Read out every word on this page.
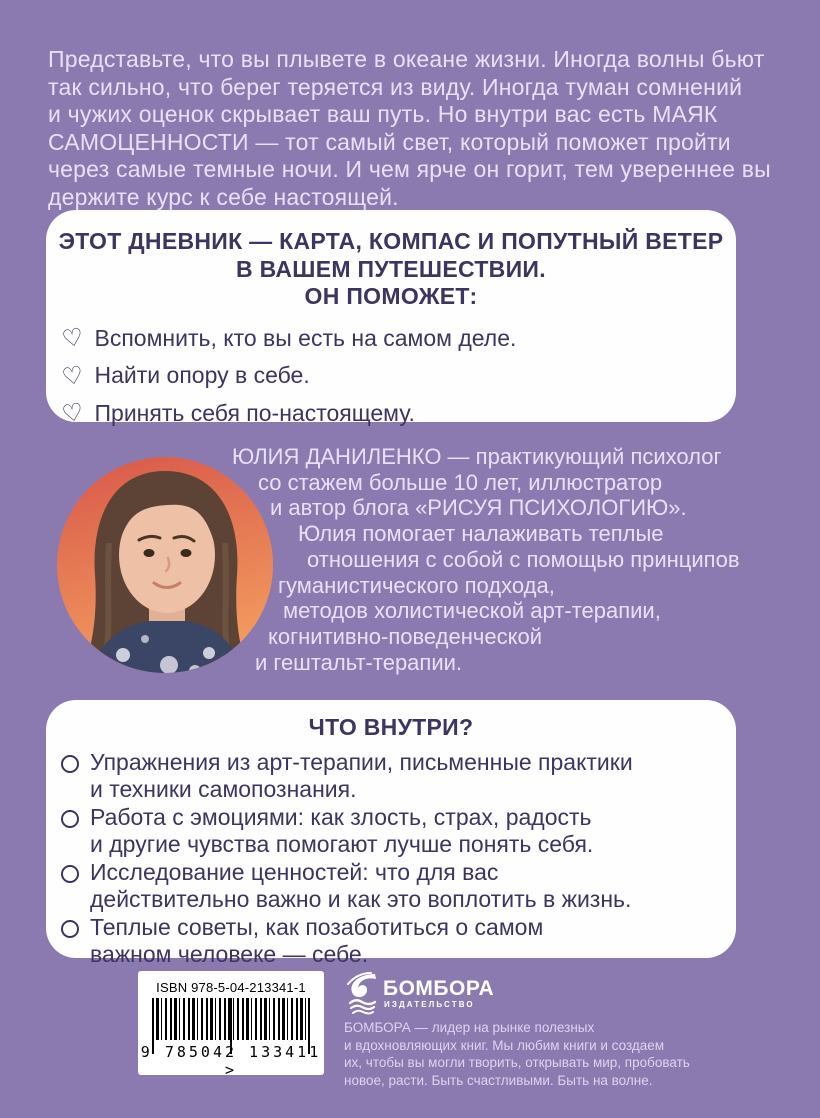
Представьте, что вы плывете в океане жизни. Иногда волны бьют
так сильно, что берег теряется из виду. Иногда туман сомнений
и чужих оценок скрывает ваш путь. Но внутри вас есть МАЯК
САМОЦЕННОСТИ — тот самый свет, который поможет пройти
через самые темные ночи. И чем ярче он горит, тем увереннее вы
держите курс к себе настоящей.
ЭТОТ ДНЕВНИК — КАРТА, КОМПАС И ПОПУТНЫЙ ВЕТЕР
В ВАШЕМ ПУТЕШЕСТВИИ.
ОН ПОМОЖЕТ:
♡ Вспомнить, кто вы есть на самом деле.
♡ Найти опору в себе.
♡ Принять себя по-настоящему.
ЮЛИЯ ДАНИЛЕНКО — практикующий психолог
со стажем больше 10 лет, иллюстратор
и автор блога «РИСУЯ ПСИХОЛОГИЮ».
Юлия помогает налаживать теплые
отношения с собой с помощью принципов
гуманистического подхода,
методов холистической арт-терапии,
когнитивно-поведенческой
и гештальт-терапии.
ЧТО ВНУТРИ?
Упражнения из арт-терапии, письменные практики
и техники самопознания.
Работа с эмоциями: как злость, страх, радость
и другие чувства помогают лучше понять себя.
Исследование ценностей: что для вас
действительно важно и как это воплотить в жизнь.
Теплые советы, как позаботиться о самом
важном человеке — себе.
ISBN 978-5-04-213341-1
9 785042 133411 >
БОМБОРА
ИЗДАТЕЛЬСТВО
БОМБОРА — лидер на рынке полезных
и вдохновляющих книг. Мы любим книги и создаем
их, чтобы вы могли творить, открывать мир, пробовать
новое, расти. Быть счастливыми. Быть на волне.
